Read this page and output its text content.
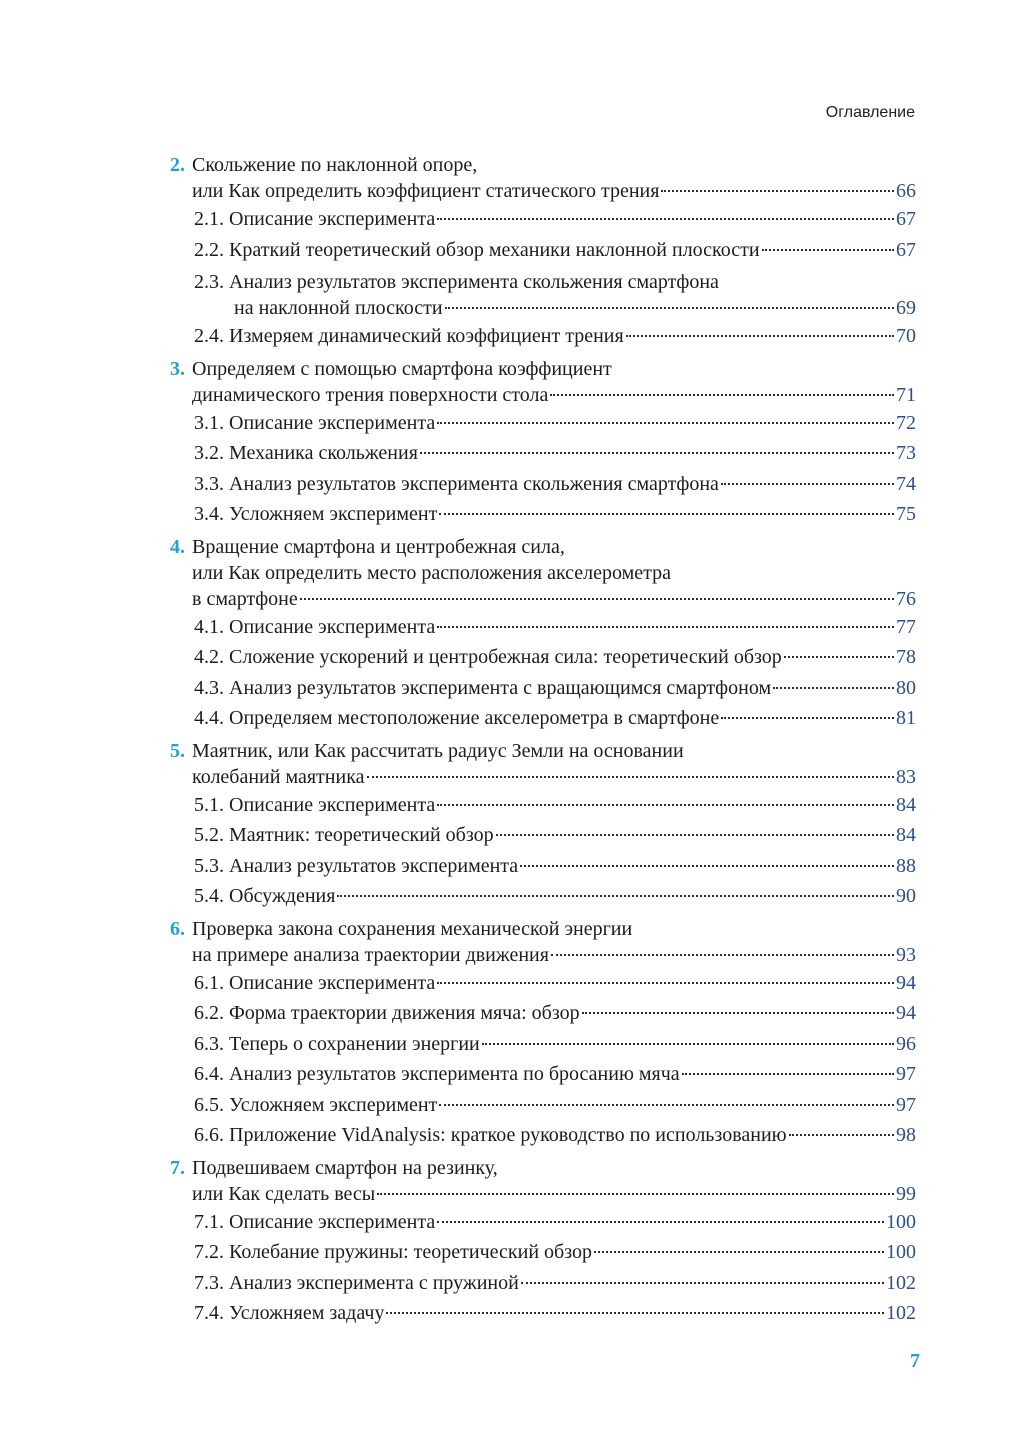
Оглавление
2. Скольжение по наклонной опоре,
или Как определить коэффициент статического трения	66
2.1. Описание эксперимента	67
2.2. Краткий теоретический обзор механики наклонной плоскости	67
2.3. Анализ результатов эксперимента скольжения смартфона
на наклонной плоскости	69
2.4. Измеряем динамический коэффициент трения	70
3. Определяем с помощью смартфона коэффициент
динамического трения поверхности стола	71
3.1. Описание эксперимента	72
3.2. Механика скольжения	73
3.3. Анализ результатов эксперимента скольжения смартфона	74
3.4. Усложняем эксперимент	75
4. Вращение смартфона и центробежная сила,
или Как определить место расположения акселерометра
в смартфоне	76
4.1. Описание эксперимента	77
4.2. Сложение ускорений и центробежная сила: теоретический обзор	78
4.3. Анализ результатов эксперимента с вращающимся смартфоном	80
4.4. Определяем местоположение акселерометра в смартфоне	81
5. Маятник, или Как рассчитать радиус Земли на основании
колебаний маятника	83
5.1. Описание эксперимента	84
5.2. Маятник: теоретический обзор	84
5.3. Анализ результатов эксперимента	88
5.4. Обсуждения	90
6. Проверка закона сохранения механической энергии
на примере анализа траектории движения	93
6.1. Описание эксперимента	94
6.2. Форма траектории движения мяча: обзор	94
6.3. Теперь о сохранении энергии	96
6.4. Анализ результатов эксперимента по бросанию мяча	97
6.5. Усложняем эксперимент	97
6.6. Приложение VidAnalysis: краткое руководство по использованию	98
7. Подвешиваем смартфон на резинку,
или Как сделать весы	99
7.1. Описание эксперимента	100
7.2. Колебание пружины: теоретический обзор	100
7.3. Анализ эксперимента с пружиной	102
7.4. Усложняем задачу	102
7
